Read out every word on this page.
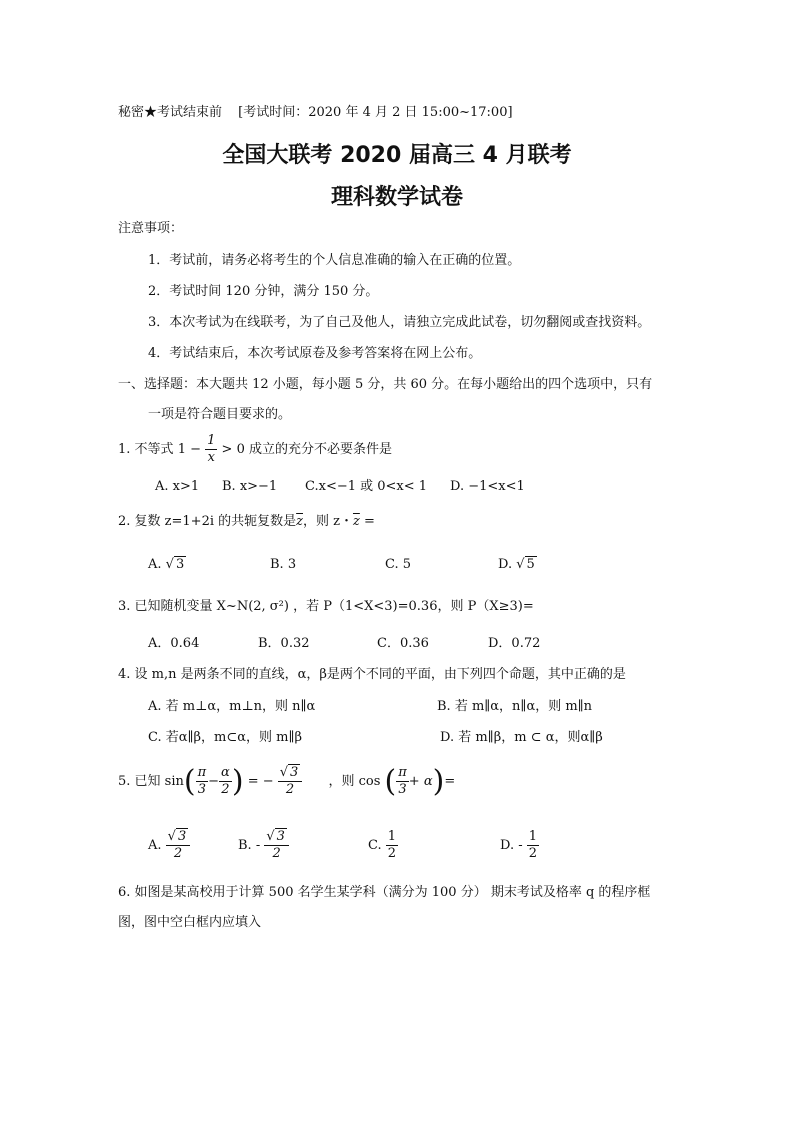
秘密★考试结束前 [考试时间：2020 年 4 月 2 日 15:00~17:00]
全国大联考 2020 届高三 4 月联考
理科数学试卷
注意事项：
1．考试前，请务必将考生的个人信息准确的输入在正确的位置。
2．考试时间 120 分钟，满分 150 分。
3．本次考试为在线联考，为了自己及他人，请独立完成此试卷，切勿翻阅或查找资料。
4．考试结束后，本次考试原卷及参考答案将在网上公布。
一、选择题：本大题共 12 小题，每小题 5 分，共 60 分。在每小题给出的四个选项中，只有
一项是符合题目要求的。
1. 不等式 $1 - \frac{1}{x} > 0$ 成立的充分不必要条件是
A. x>1 B. x>−1 C.x<−1 或 0<x< 1 D. −1<x<1
2. 复数 z=1+2i 的共轭复数是$\overline{z}$，则 z・$\overline{z}$ =
A. √ 3	B. 3	C. 5	D. √ 5
3. 已知随机变量 X~N(2, σ²) ，若 P（1<X<3)=0.36，则 P（X≥3)=
A．0.64	B．0.32	C．0.36	D．0.72
4. 设 m,n 是两条不同的直线，α，β是两个不同的平面，由下列四个命题，其中正确的是
A. 若 m⊥α，m⊥n，则 n∥α	B. 若 m∥α，n∥α，则 m∥n
C. 若α∥β，m⊂α，则 m∥β	D. 若 m∥β，m ⊂ α，则α∥β
5. 已知 $\sin( \frac{\pi}{3} - \frac{\alpha}{2}$ ) = − $\frac{√ 3}{2}$ ，则 cos ( $\frac{\pi}{3} + \alpha)=$
A. $\frac{√ 3}{2}$	B. - $\frac{√ 3}{2}$	C. $\frac{1}{2}$	D. - $\frac{1}{2}$
6. 如图是某高校用于计算 500 名学生某学科（满分为 100 分） 期末考试及格率 q 的程序框
图，图中空白框内应填入
